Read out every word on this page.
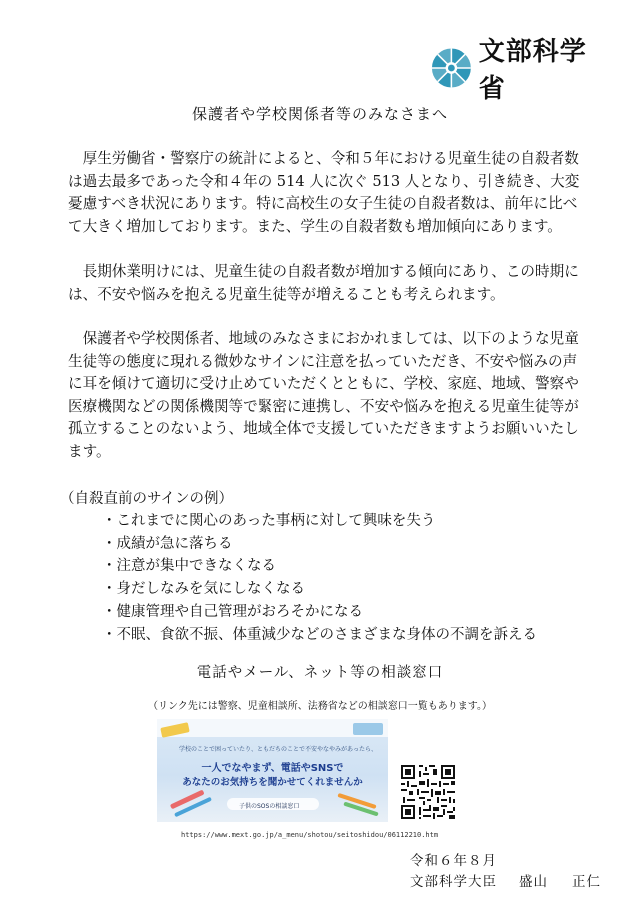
文部科学省
保護者や学校関係者等のみなさまへ

厚生労働省・警察庁の統計によると、令和５年における児童生徒の自殺者数は過去最多であった令和４年の 514 人に次ぐ 513 人となり、引き続き、大変憂慮すべき状況にあります。特に高校生の女子生徒の自殺者数は、前年に比べて大きく増加しております。また、学生の自殺者数も増加傾向にあります。

長期休業明けには、児童生徒の自殺者数が増加する傾向にあり、この時期には、不安や悩みを抱える児童生徒等が増えることも考えられます。

保護者や学校関係者、地域のみなさまにおかれましては、以下のような児童生徒等の態度に現れる微妙なサインに注意を払っていただき、不安や悩みの声に耳を傾けて適切に受け止めていただくとともに、学校、家庭、地域、警察や医療機関などの関係機関等で緊密に連携し、不安や悩みを抱える児童生徒等が孤立することのないよう、地域全体で支援していただきますようお願いいたします。

（自殺直前のサインの例）
・これまでに関心のあった事柄に対して興味を失う
・成績が急に落ちる
・注意が集中できなくなる
・身だしなみを気にしなくなる
・健康管理や自己管理がおろそかになる
・不眠、食欲不振、体重減少などのさまざまな身体の不調を訴える
電話やメール、ネット等の相談窓口
（リンク先には警察、児童相談所、法務省などの相談窓口一覧もあります。）
学校のことで困っていたり、ともだちのことで不安やなやみがあったら、
一人でなやまず、電話やSNSで
あなたのお気持ちを聞かせてくれませんか
子供のSOSの相談窓口
https://www.mext.go.jp/a_menu/shotou/seitoshidou/06112210.htm
令和６年８月
文部科学大臣 盛山 正仁
